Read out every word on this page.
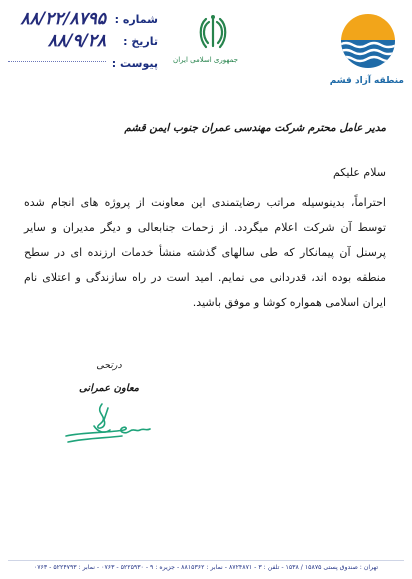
شماره :
۸۸/۲۲/۸۷۹۵
تاریخ :
۸۸/۹/۲۸
پیوست : جمهوری اسلامی ایران
منطقه آزاد قشم
مدیر عامل محترم شرکت مهندسی عمران جنوب ایمن قشم
سلام علیکم
احتراماً، بدینوسیله مراتب رضایتمندی این معاونت از پروژه های انجام شده توسط آن شرکت اعلام میگردد. از زحمات جنابعالی و دیگر مدیران و سایر پرسنل آن پیمانکار که طی سالهای گذشته منشأ خدمات ارزنده ای در سطح منطقه بوده اند، قدردانی می نمایم. امید است در راه سازندگی و اعتلای نام ایران اسلامی همواره کوشا و موفق باشید.
درتحی
معاون عمرانی
تهران : صندوق پستی ۱۵۸۷۵ / ۱۵۳۸ - تلفن : ۳ - ۸۷۲۴۸۷۱ - نمابر : ۸۸۱۵۳۶۲ - جزیره : ۹ - ۵۲۲۵۹۳۰ - ۰۷۶۳ - نمابر : ۵۲۲۴۷۹۳ - ۰۷۶۳
